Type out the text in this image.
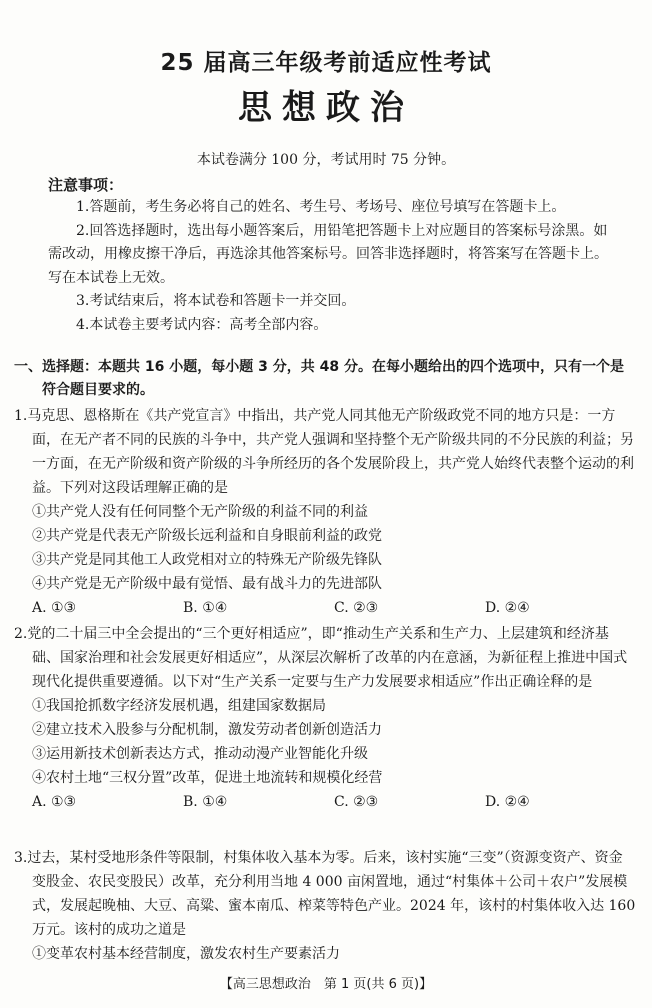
25 届高三年级考前适应性考试
思想政治
本试卷满分 100 分，考试用时 75 分钟。
注意事项：

1.答题前，考生务必将自己的姓名、考生号、考场号、座位号填写在答题卡上。

2.回答选择题时，选出每小题答案后，用铅笔把答题卡上对应题目的答案标号涂黑。如需改动，用橡皮擦干净后，再选涂其他答案标号。回答非选择题时，将答案写在答题卡上。写在本试卷上无效。

3.考试结束后，将本试卷和答题卡一并交回。

4.本试卷主要考试内容：高考全部内容。

一、选择题：本题共 16 小题，每小题 3 分，共 48 分。在每小题给出的四个选项中，只有一个是符合题目要求的。

1.马克思、恩格斯在《共产党宣言》中指出，共产党人同其他无产阶级政党不同的地方只是：一方面，在无产者不同的民族的斗争中，共产党人强调和坚持整个无产阶级共同的不分民族的利益；另一方面，在无产阶级和资产阶级的斗争所经历的各个发展阶段上，共产党人始终代表整个运动的利益。下列对这段话理解正确的是

①共产党人没有任何同整个无产阶级的利益不同的利益

②共产党是代表无产阶级长远利益和自身眼前利益的政党

③共产党是同其他工人政党相对立的特殊无产阶级先锋队

④共产党是无产阶级中最有觉悟、最有战斗力的先进部队

A. ①③	B. ①④	C. ②③	D. ②④

2.党的二十届三中全会提出的“三个更好相适应”，即“推动生产关系和生产力、上层建筑和经济基础、国家治理和社会发展更好相适应”，从深层次解析了改革的内在意涵，为新征程上推进中国式现代化提供重要遵循。以下对“生产关系一定要与生产力发展要求相适应”作出正确诠释的是

①我国抢抓数字经济发展机遇，组建国家数据局

②建立技术入股参与分配机制，激发劳动者创新创造活力

③运用新技术创新表达方式，推动动漫产业智能化升级

④农村土地“三权分置”改革，促进土地流转和规模化经营

A. ①③	B. ①④	C. ②③	D. ②④

3.过去，某村受地形条件等限制，村集体收入基本为零。后来，该村实施“三变”（资源变资产、资金变股金、农民变股民）改革，充分利用当地 4 000 亩闲置地，通过“村集体＋公司＋农户”发展模式，发展起晚柚、大豆、高粱、蜜本南瓜、榨菜等特色产业。2024 年，该村的村集体收入达 160 万元。该村的成功之道是

①变革农村基本经营制度，激发农村生产要素活力

【高三思想政治　第 1 页(共 6 页)】
